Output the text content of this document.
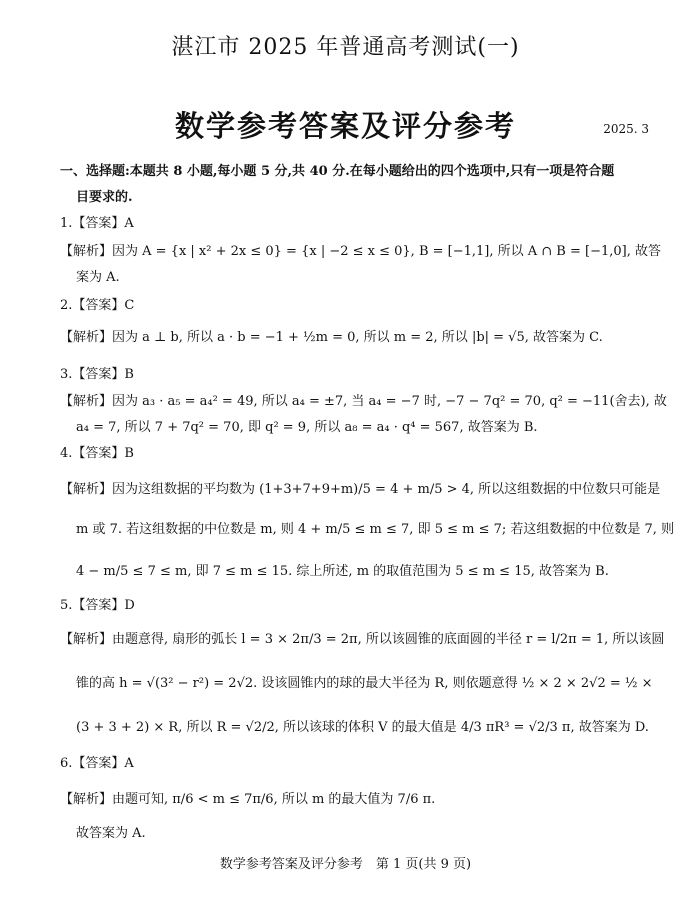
湛江市 2025 年普通高考测试(一)
数学参考答案及评分参考	2025. 3
一、选择题:本题共 8 小题,每小题 5 分,共 40 分.在每小题给出的四个选项中,只有一项是符合题
目要求的.
1.【答案】A
【解析】因为 A = {x | x² + 2x ≤ 0} = {x | −2 ≤ x ≤ 0}, B = [−1,1], 所以 A ∩ B = [−1,0], 故答
案为 A.
2.【答案】C
【解析】因为 a ⊥ b, 所以 a · b = −1 + ½m = 0, 所以 m = 2, 所以 |b| = √5, 故答案为 C.
3.【答案】B
【解析】因为 a₃ · a₅ = a₄² = 49, 所以 a₄ = ±7, 当 a₄ = −7 时, −7 − 7q² = 70, q² = −11(舍去), 故
a₄ = 7, 所以 7 + 7q² = 70, 即 q² = 9, 所以 a₈ = a₄ · q⁴ = 567, 故答案为 B.
4.【答案】B
【解析】因为这组数据的平均数为 (1+3+7+9+m)/5 = 4 + m/5 > 4, 所以这组数据的中位数只可能是
m 或 7. 若这组数据的中位数是 m, 则 4 + m/5 ≤ m ≤ 7, 即 5 ≤ m ≤ 7; 若这组数据的中位数是 7, 则
4 − m/5 ≤ 7 ≤ m, 即 7 ≤ m ≤ 15. 综上所述, m 的取值范围为 5 ≤ m ≤ 15, 故答案为 B.
5.【答案】D
【解析】由题意得, 扇形的弧长 l = 3 × 2π/3 = 2π, 所以该圆锥的底面圆的半径 r = l/2π = 1, 所以该圆
锥的高 h = √(3² − r²) = 2√2. 设该圆锥内的球的最大半径为 R, 则依题意得 ½ × 2 × 2√2 = ½ ×
(3 + 3 + 2) × R, 所以 R = √2/2, 所以该球的体积 V 的最大值是 4/3 πR³ = √2/3 π, 故答案为 D.
6.【答案】A
【解析】由题可知, π/6 < m ≤ 7π/6, 所以 m 的最大值为 7/6 π.
故答案为 A.
数学参考答案及评分参考　第 1 页(共 9 页)
